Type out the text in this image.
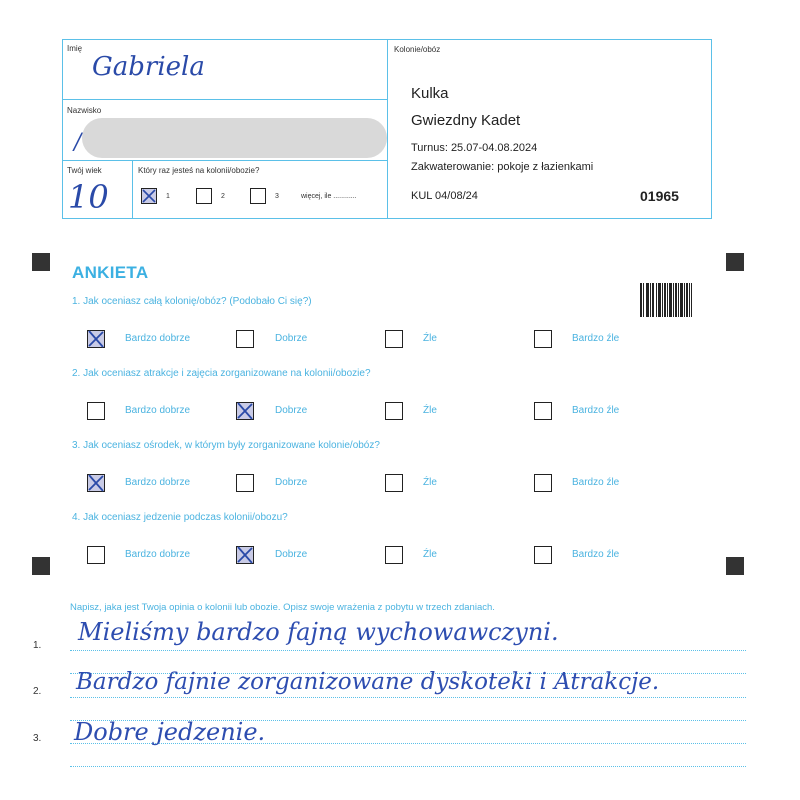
Imię
Gabriela
Nazwisko
/
Twój wiek
10
Który raz jesteś na kolonii/obozie?
1	2	3	więcej, ile ............
Kolonie/obóz
Kulka
Gwiezdny Kadet
Turnus: 25.07-04.08.2024
Zakwaterowanie: pokoje z łazienkami
KUL 04/08/24	01965
ANKIETA
1. Jak oceniasz całą kolonię/obóz? (Podobało Ci się?)
Bardzo dobrze	Dobrze	Źle	Bardzo źle
2. Jak oceniasz atrakcje i zajęcia zorganizowane na kolonii/obozie?
Bardzo dobrze	Dobrze	Źle	Bardzo źle
3. Jak oceniasz ośrodek, w którym były zorganizowane kolonie/obóz?
Bardzo dobrze	Dobrze	Źle	Bardzo źle
4. Jak oceniasz jedzenie podczas kolonii/obozu?
Bardzo dobrze	Dobrze	Źle	Bardzo źle
Napisz, jaka jest Twoja opinia o kolonii lub obozie. Opisz swoje wrażenia z pobytu w trzech zdaniach.
1.
2.
3.
Mieliśmy bardzo fajną wychowawczyni.
Bardzo fajnie zorganizowane dyskoteki i Atrakcje.
Dobre jedzenie.
